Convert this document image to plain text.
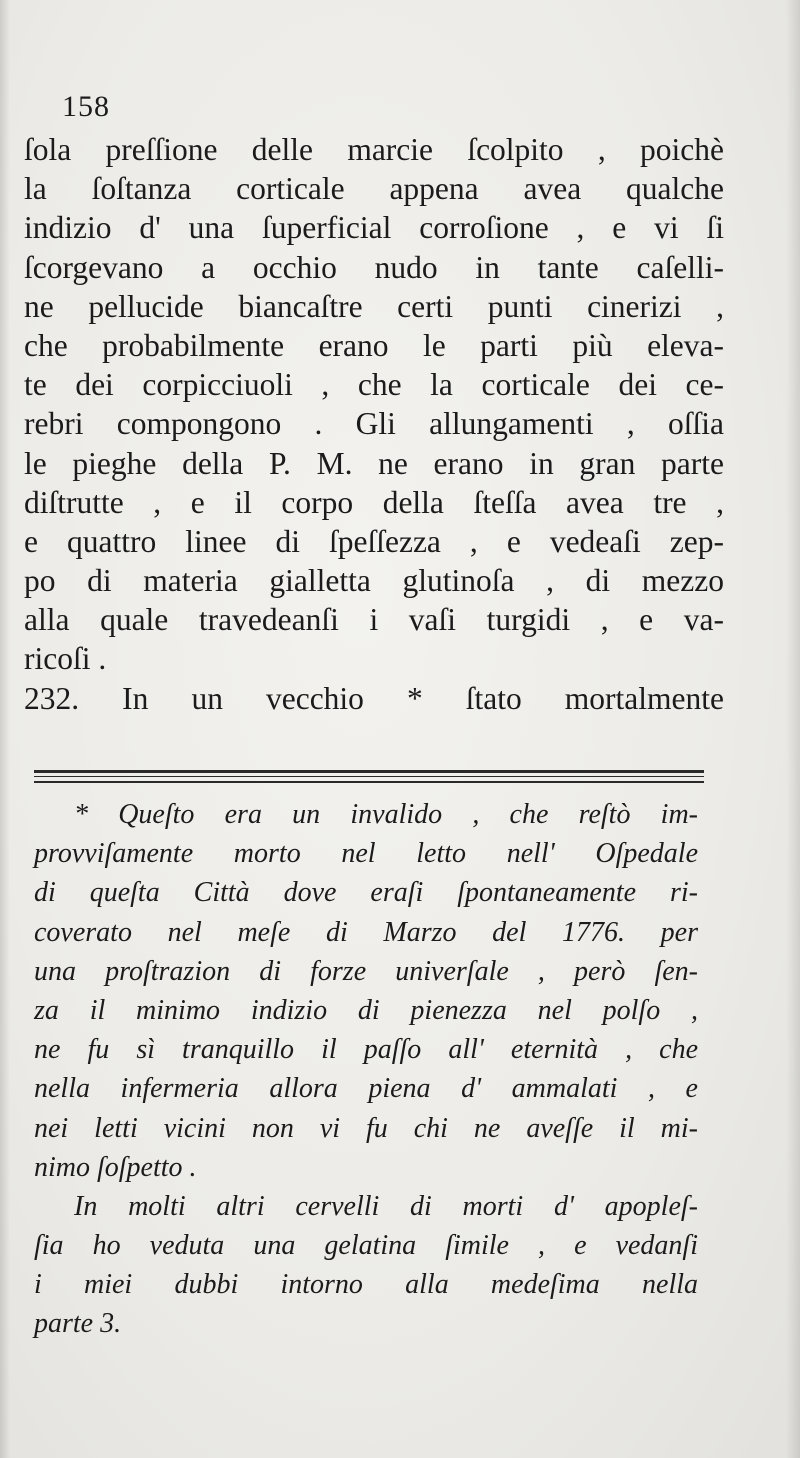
158
ſola preſſione delle marcie ſcolpito , poichè
la ſoſtanza corticale appena avea qualche
indizio d' una ſuperficial corroſione , e vi ſi
ſcorgevano a occhio nudo in tante caſelli-
ne pellucide biancaſtre certi punti cinerizi ,
che probabilmente erano le parti più eleva-
te dei corpicciuoli , che la corticale dei ce-
rebri compongono . Gli allungamenti , oſſia
le pieghe della P. M. ne erano in gran parte
diſtrutte , e il corpo della ſteſſa avea tre ,
e quattro linee di ſpeſſezza , e vedeaſi zep-
po di materia gialletta glutinoſa , di mezzo
alla quale travedeanſi i vaſi turgidi , e va-
ricoſi .
232. In un vecchio * ſtato mortalmente
* Queſto era un invalido , che reſtò im-
provviſamente morto nel letto nell' Oſpedale
di queſta Città dove eraſi ſpontaneamente ri-
coverato nel meſe di Marzo del 1776. per
una proſtrazion di forze univerſale , però ſen-
za il minimo indizio di pienezza nel polſo ,
ne fu sì tranquillo il paſſo all' eternità , che
nella infermeria allora piena d' ammalati , e
nei letti vicini non vi fu chi ne aveſſe il mi-
nimo ſoſpetto .
In molti altri cervelli di morti d' apopleſ-
ſia ho veduta una gelatina ſimile , e vedanſi
i miei dubbi intorno alla medeſima nella
parte 3.
